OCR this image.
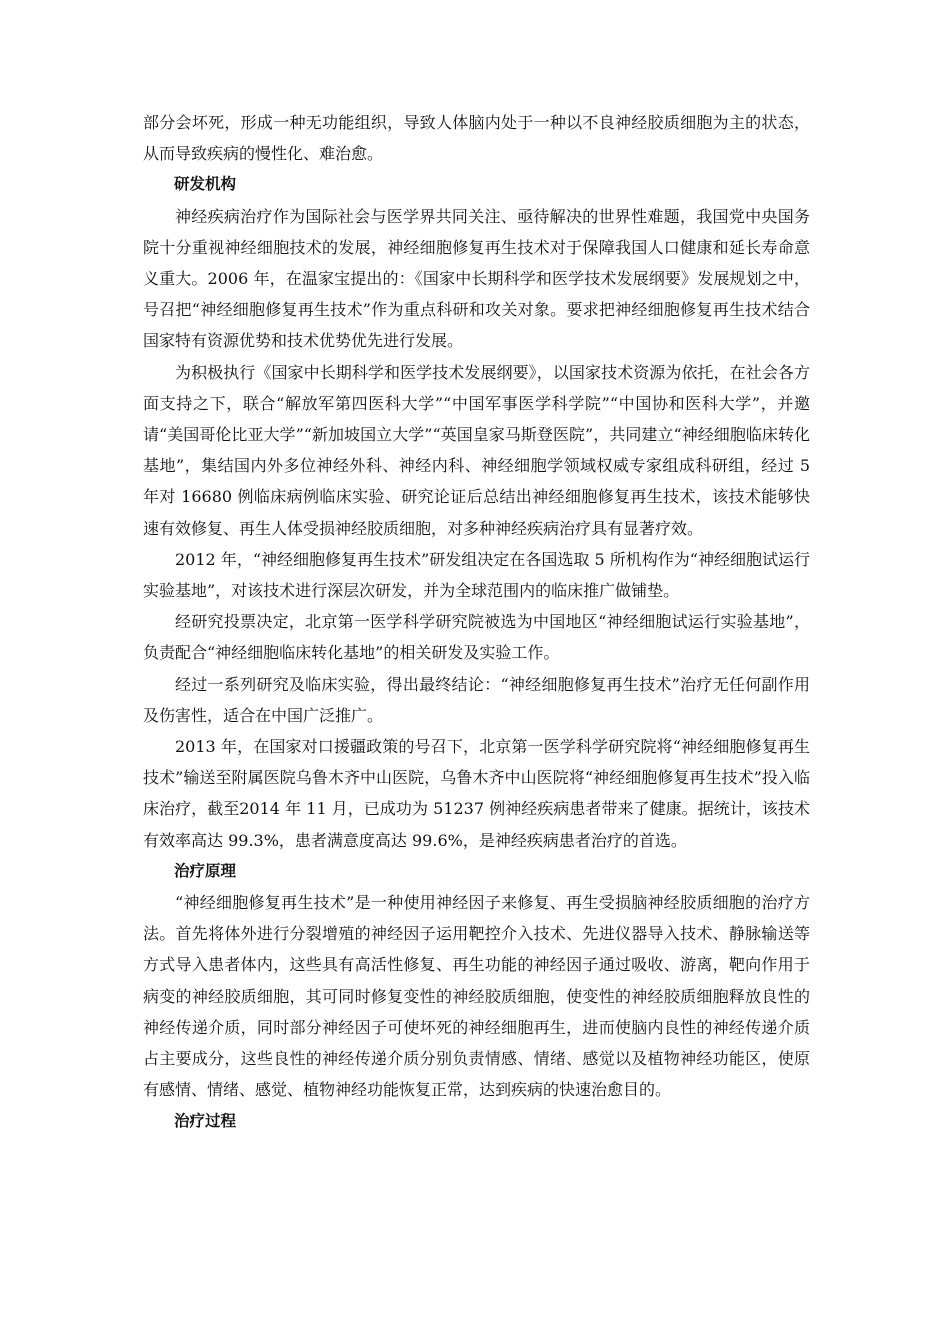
部分会坏死，形成一种无功能组织，导致人体脑内处于一种以不良神经胶质细胞为主的状态，从而导致疾病的慢性化、难治愈。

研发机构

神经疾病治疗作为国际社会与医学界共同关注、亟待解决的世界性难题，我国党中央国务院十分重视神经细胞技术的发展，神经细胞修复再生技术对于保障我国人口健康和延长寿命意义重大。2006 年，在温家宝提出的：《国家中长期科学和医学技术发展纲要》发展规划之中，号召把“神经细胞修复再生技术”作为重点科研和攻关对象。要求把神经细胞修复再生技术结合国家特有资源优势和技术优势优先进行发展。

为积极执行《国家中长期科学和医学技术发展纲要》，以国家技术资源为依托，在社会各方面支持之下，联合“解放军第四医科大学”“中国军事医学科学院”“中国协和医科大学”，并邀请“美国哥伦比亚大学”“新加坡国立大学”“英国皇家马斯登医院”，共同建立“神经细胞临床转化基地”，集结国内外多位神经外科、神经内科、神经细胞学领域权威专家组成科研组，经过 5 年对 16680 例临床病例临床实验、研究论证后总结出神经细胞修复再生技术，该技术能够快速有效修复、再生人体受损神经胶质细胞，对多种神经疾病治疗具有显著疗效。

2012 年，“神经细胞修复再生技术”研发组决定在各国选取 5 所机构作为“神经细胞试运行实验基地”，对该技术进行深层次研发，并为全球范围内的临床推广做铺垫。

经研究投票决定，北京第一医学科学研究院被选为中国地区“神经细胞试运行实验基地”，负责配合“神经细胞临床转化基地”的相关研发及实验工作。

经过一系列研究及临床实验，得出最终结论：“神经细胞修复再生技术”治疗无任何副作用及伤害性，适合在中国广泛推广。

2013 年，在国家对口援疆政策的号召下，北京第一医学科学研究院将“神经细胞修复再生技术”输送至附属医院乌鲁木齐中山医院，乌鲁木齐中山医院将“神经细胞修复再生技术”投入临床治疗，截至2014 年 11 月，已成功为 51237 例神经疾病患者带来了健康。据统计，该技术有效率高达 99.3%，患者满意度高达 99.6%，是神经疾病患者治疗的首选。

治疗原理

“神经细胞修复再生技术”是一种使用神经因子来修复、再生受损脑神经胶质细胞的治疗方法。首先将体外进行分裂增殖的神经因子运用靶控介入技术、先进仪器导入技术、静脉输送等方式导入患者体内，这些具有高活性修复、再生功能的神经因子通过吸收、游离，靶向作用于病变的神经胶质细胞，其可同时修复变性的神经胶质细胞，使变性的神经胶质细胞释放良性的神经传递介质，同时部分神经因子可使坏死的神经细胞再生，进而使脑内良性的神经传递介质占主要成分，这些良性的神经传递介质分别负责情感、情绪、感觉以及植物神经功能区，使原有感情、情绪、感觉、植物神经功能恢复正常，达到疾病的快速治愈目的。

治疗过程
